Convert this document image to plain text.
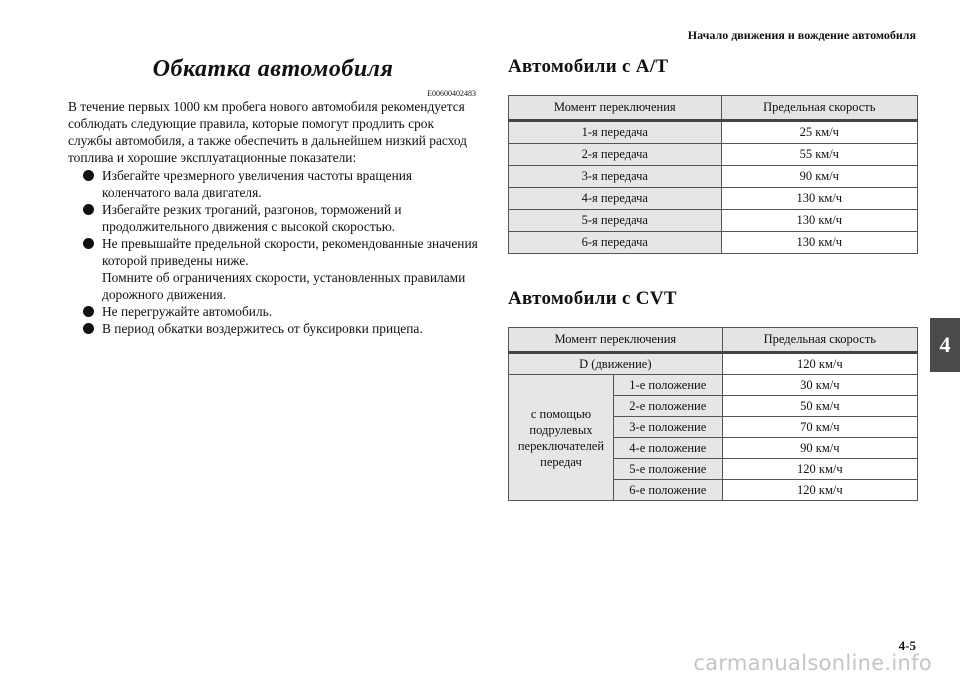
Начало движения и вождение автомобиля
4
Обкатка автомобиля
E00600402483

В течение первых 1000 км пробега нового автомобиля рекомендуется соблюдать следующие правила, которые помогут продлить срок службы автомобиля, а также обеспечить в дальнейшем низкий расход топлива и хорошие эксплуатационные показатели:

Избегайте чрезмерного увеличения частоты вращения коленчатого вала двигателя.
Избегайте резких троганий, разгонов, торможений и продолжительного движения с высокой скоростью.
Не превышайте предельной скорости, рекомендованные значения которой приведены ниже.
Помните об ограничениях скорости, установленных правилами дорожного движения.
Не перегружайте автомобиль.
В период обкатки воздержитесь от буксировки прицепа.
Автомобили с A/T
Момент переключения	Предельная скорость
1-я передача	25 км/ч
2-я передача	55 км/ч
3-я передача	90 км/ч
4-я передача	130 км/ч
5-я передача	130 км/ч
6-я передача	130 км/ч
Автомобили с CVT
Момент переключения		Предельная скорость
D (движение)		120 км/ч
с помощью подрулевых переключателей передач	1-е положение	30 км/ч
	2-е положение	50 км/ч
	3-е положение	70 км/ч
	4-е положение	90 км/ч
	5-е положение	120 км/ч
	6-е положение	120 км/ч
4-5
carmanualsonline.info
